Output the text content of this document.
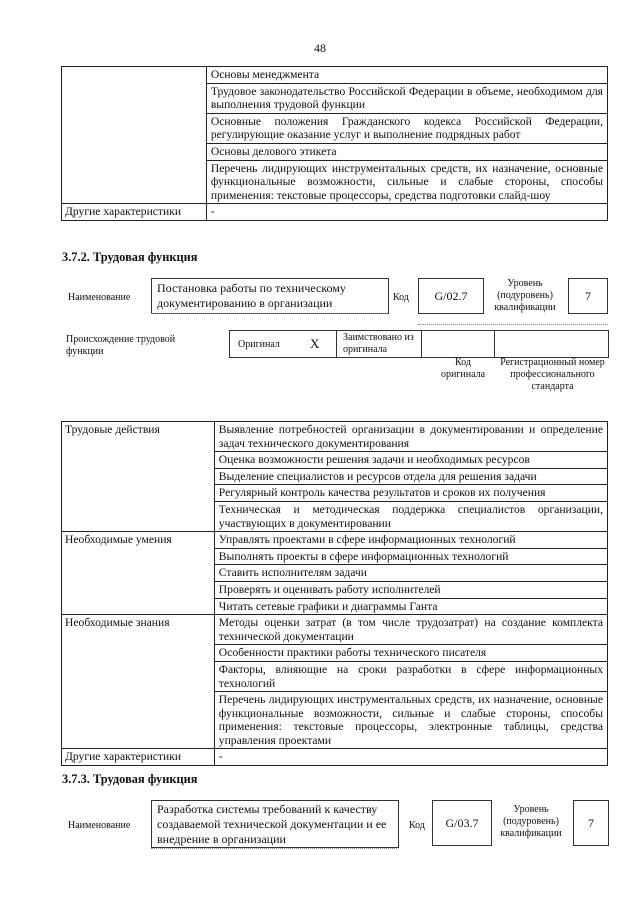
48
	Основы менеджмента
	Трудовое законодательство Российской Федерации в объеме, необходимом для выполнения трудовой функции
	Основные положения Гражданского кодекса Российской Федерации, регулирующие оказание услуг и выполнение подрядных работ
	Основы делового этикета
	Перечень лидирующих инструментальных средств, их назначение, основные функциональные возможности, сильные и слабые стороны, способы применения: текстовые процессоры, средства подготовки слайд-шоу
Другие характеристики	-
3.7.2. Трудовая функция
Наименование
Постановка работы по техническому документированию в организации	Код	G/02.7
Уровень (подуровень) квалификации
7
Происхождение трудовой функции
Оригинал X Заимствовано из оригинала
Код оригинала
Регистрационный номер профессионального стандарта
Трудовые действия	Выявление потребностей организации в документировании и определение задач технического документирования
	Оценка возможности решения задачи и необходимых ресурсов
	Выделение специалистов и ресурсов отдела для решения задачи
	Регулярный контроль качества результатов и сроков их получения
	Техническая и методическая поддержка специалистов организации, участвующих в документировании
Необходимые умения	Управлять проектами в сфере информационных технологий
	Выполнять проекты в сфере информационных технологий
	Ставить исполнителям задачи
	Проверять и оценивать работу исполнителей
	Читать сетевые графики и диаграммы Ганта
Необходимые знания	Методы оценки затрат (в том числе трудозатрат) на создание комплекта технической документации
	Особенности практики работы технического писателя
	Факторы, влияющие на сроки разработки в сфере информационных технологий
	Перечень лидирующих инструментальных средств, их назначение, основные функциональные возможности, сильные и слабые стороны, способы применения: текстовые процессоры, электронные таблицы, средства управления проектами
Другие характеристики	-
3.7.3. Трудовая функция
Наименование
Разработка системы требований к качеству создаваемой технической документации и ее внедрение в организации
Код	G/03.7
Уровень (подуровень) квалификации
7
